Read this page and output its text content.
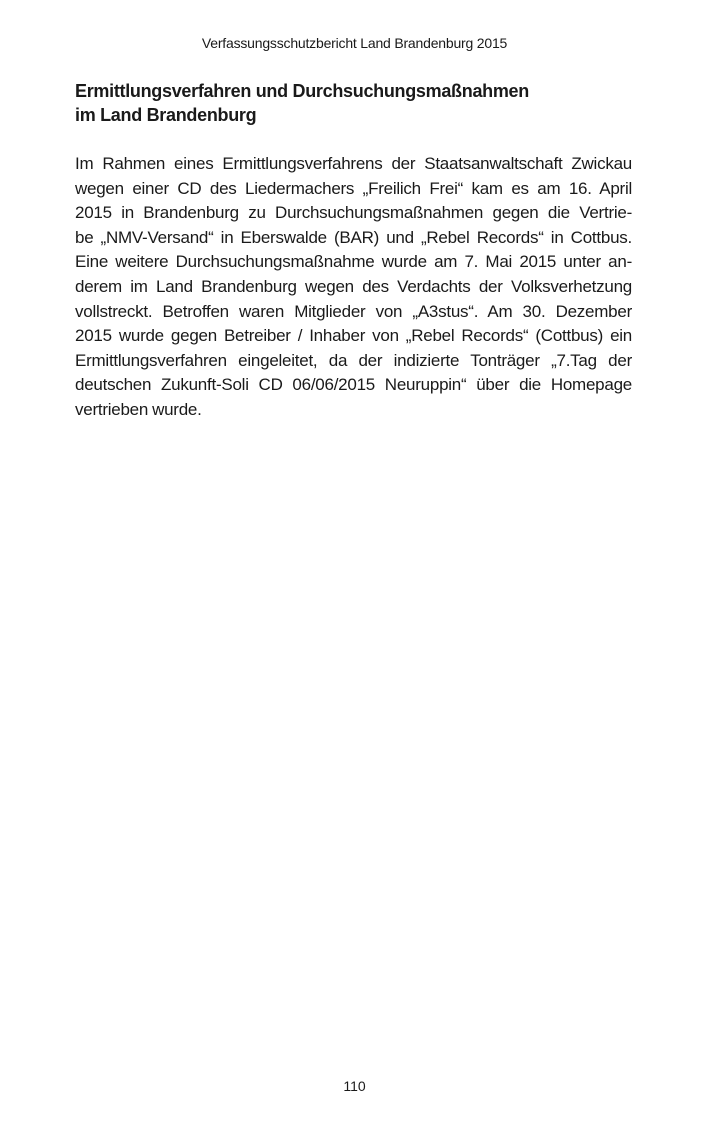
Verfassungsschutzbericht Land Brandenburg 2015
Ermittlungsverfahren und Durchsuchungsmaßnahmen
im Land Brandenburg
Im Rahmen eines Ermittlungsverfahrens der Staatsanwaltschaft Zwickau
wegen einer CD des Liedermachers „Freilich Frei“ kam es am 16. April
2015 in Brandenburg zu Durchsuchungsmaßnahmen gegen die Vertrie-
be „NMV-Versand“ in Eberswalde (BAR) und „Rebel Records“ in Cottbus.
Eine weitere Durchsuchungsmaßnahme wurde am 7. Mai 2015 unter an-
derem im Land Brandenburg wegen des Verdachts der Volksverhetzung
vollstreckt. Betroffen waren Mitglieder von „A3stus“. Am 30. Dezember
2015 wurde gegen Betreiber / Inhaber von „Rebel Records“ (Cottbus) ein
Ermittlungsverfahren eingeleitet, da der indizierte Tonträger „7.Tag der
deutschen Zukunft-Soli CD 06/06/2015 Neuruppin“ über die Homepage
vertrieben wurde.
110
